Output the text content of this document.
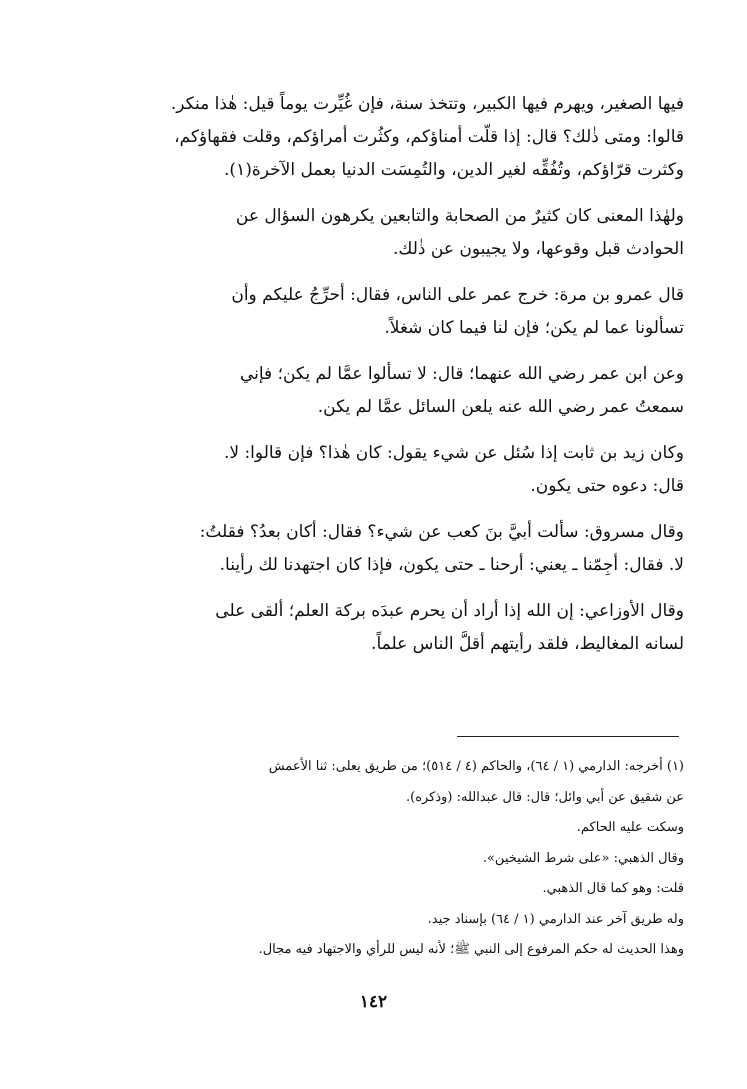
فيها الصغير، ويهرم فيها الكبير، وتتخذ سنة، فإن غُيِّرت يوماً قيل: هٰذا منكر.
قالوا: ومتى ذٰلك؟ قال: إذا قلّت أمناؤكم، وكثُرت أمراؤكم، وقلت فقهاؤكم،
وكثرت قرّاؤكم، وتُفُقِّه لغير الدين، والتُمِسَت الدنيا بعمل الآخرة(١).

ولهٰذا المعنى كان كثيرٌ من الصحابة والتابعين يكرهون السؤال عن
الحوادث قبل وقوعها، ولا يجيبون عن ذٰلك.

قال عمرو بن مرة: خرج عمر على الناس، فقال: أحرِّجُ عليكم وأن
تسألونا عما لم يكن؛ فإن لنا فيما كان شغلاً.

وعن ابن عمر رضي الله عنهما؛ قال: لا تسألوا عمَّا لم يكن؛ فإني
سمعتُ عمر رضي الله عنه يلعن السائل عمَّا لم يكن.

وكان زيد بن ثابت إذا سُئل عن شيء يقول: كان هٰذا؟ فإن قالوا: لا.
قال: دعوه حتى يكون.

وقال مسروق: سألت أبيَّ بنَ كعب عن شيء؟ فقال: أكان بعدُ؟ فقلتُ:
لا. فقال: أجِمّنا ـ يعني: أرحنا ـ حتى يكون، فإذا كان اجتهدنا لك رأينا.

وقال الأوزاعي: إن الله إذا أراد أن يحرم عبدَه بركة العلم؛ ألقى على
لسانه المغاليط، فلقد رأيتهم أقلَّ الناس علماً.

(١) أخرجه: الدارمي (١ / ٦٤)، والحاكم (٤ / ٥١٤)؛ من طريق يعلى: ثنا الأعمش
عن شقيق عن أبي وائل؛ قال: قال عبدالله: (وذكره).
وسكت عليه الحاكم.
وقال الذهبي: «على شرط الشيخين».
قلت: وهو كما قال الذهبي.
وله طريق آخر عند الدارمي (١ / ٦٤) بإسناد جيد.
وهذا الحديث له حكم المرفوع إلى النبي ﷺ؛ لأنه ليس للرأي والاجتهاد فيه مجال.
١٤٢
